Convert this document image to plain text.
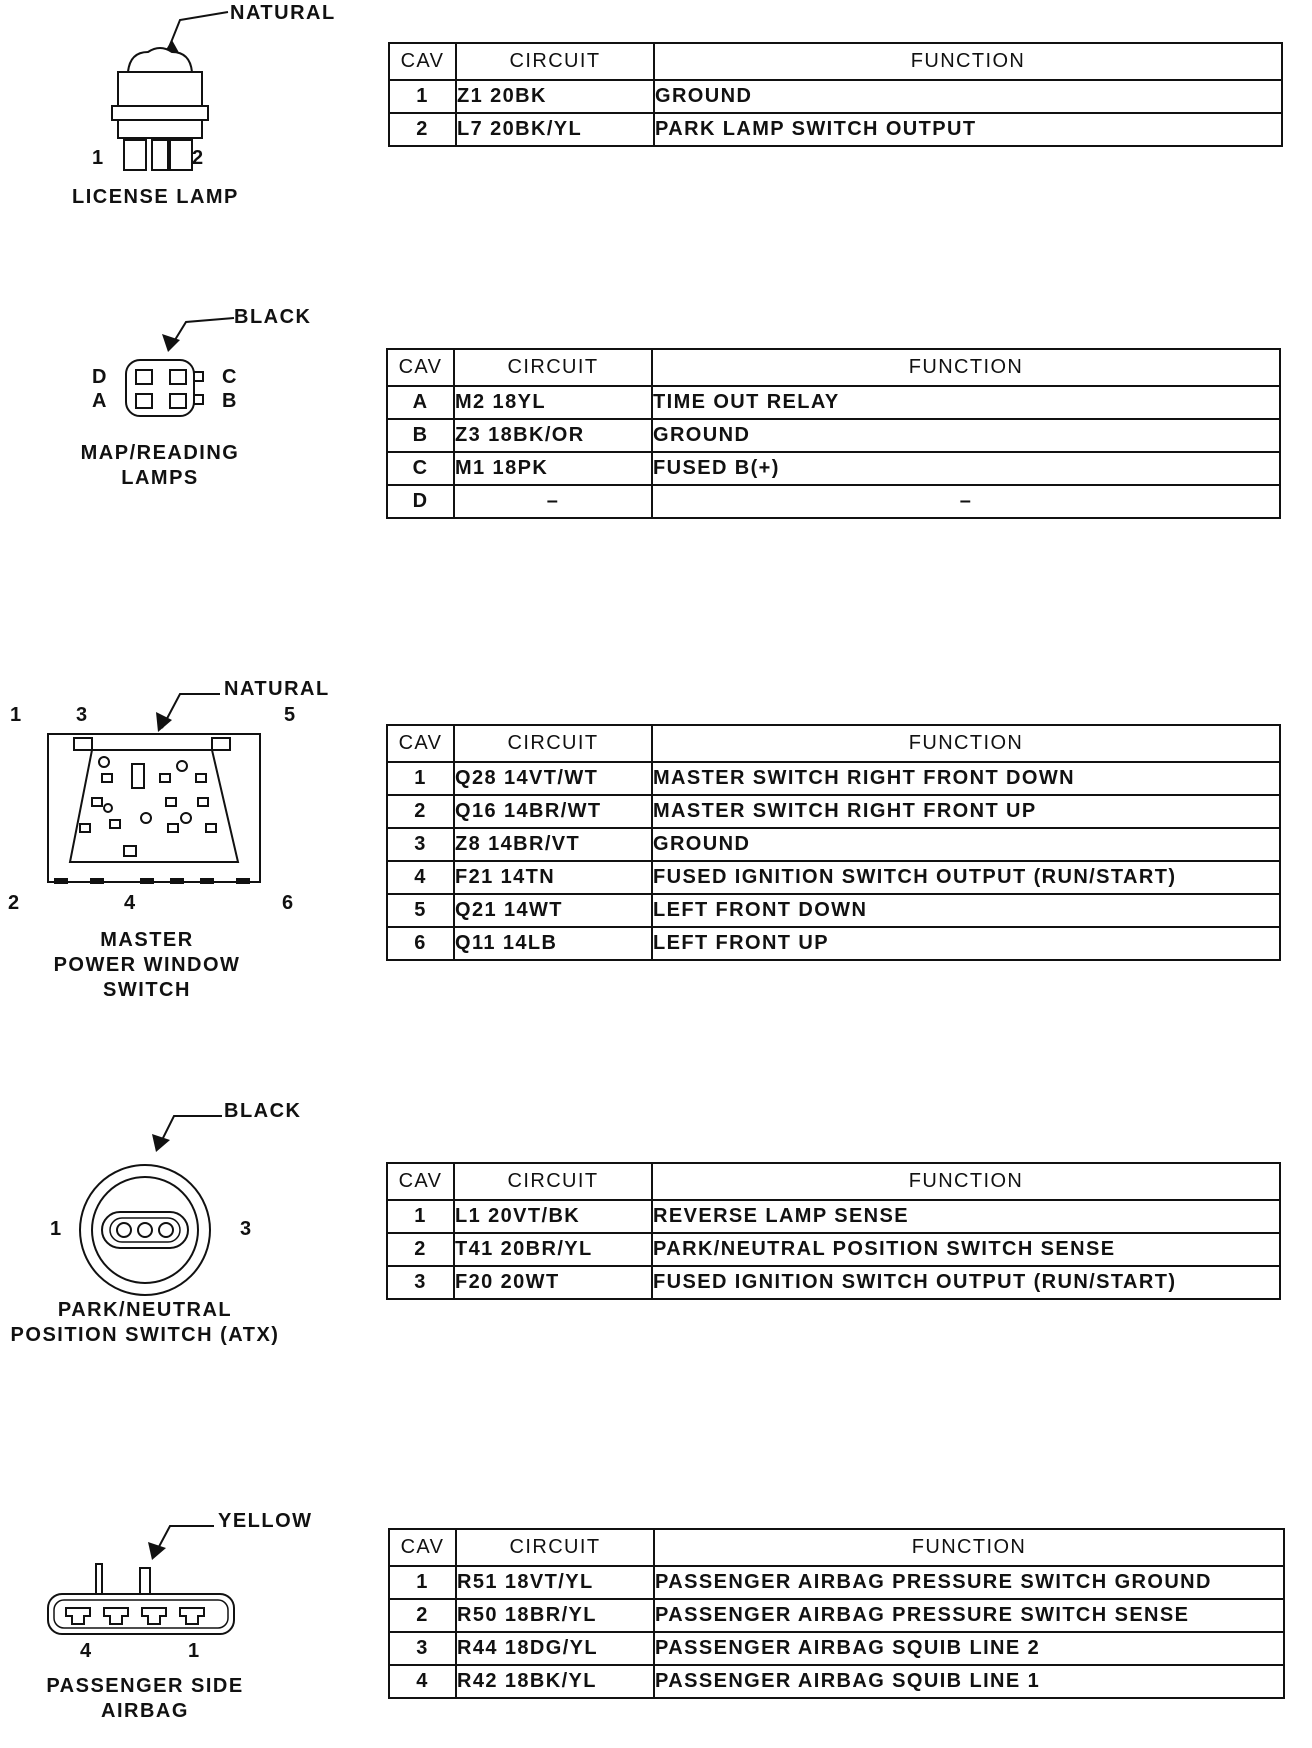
NATURAL
1	2
LICENSE LAMP
CAV	CIRCUIT	FUNCTION
1	Z1 20BK	GROUND
2	L7 20BK/YL	PARK LAMP SWITCH OUTPUT
BLACK
D	C
A	B
MAP/READING
LAMPS
CAV	CIRCUIT	FUNCTION
A	M2 18YL	TIME OUT RELAY
B	Z3 18BK/OR	GROUND
C	M1 18PK	FUSED B(+)
D	–	–
NATURAL
1	3	5
2	4	6
MASTER
POWER WINDOW
SWITCH
CAV	CIRCUIT	FUNCTION
1	Q28 14VT/WT	MASTER SWITCH RIGHT FRONT DOWN
2	Q16 14BR/WT	MASTER SWITCH RIGHT FRONT UP
3	Z8 14BR/VT	GROUND
4	F21 14TN	FUSED IGNITION SWITCH OUTPUT (RUN/START)
5	Q21 14WT	LEFT FRONT DOWN
6	Q11 14LB	LEFT FRONT UP
BLACK
1	3
PARK/NEUTRAL
POSITION SWITCH (ATX)
CAV	CIRCUIT	FUNCTION
1	L1 20VT/BK	REVERSE LAMP SENSE
2	T41 20BR/YL	PARK/NEUTRAL POSITION SWITCH SENSE
3	F20 20WT	FUSED IGNITION SWITCH OUTPUT (RUN/START)
YELLOW
4	1
PASSENGER SIDE
AIRBAG
CAV	CIRCUIT	FUNCTION
1	R51 18VT/YL	PASSENGER AIRBAG PRESSURE SWITCH GROUND
2	R50 18BR/YL	PASSENGER AIRBAG PRESSURE SWITCH SENSE
3	R44 18DG/YL	PASSENGER AIRBAG SQUIB LINE 2
4	R42 18BK/YL	PASSENGER AIRBAG SQUIB LINE 1
